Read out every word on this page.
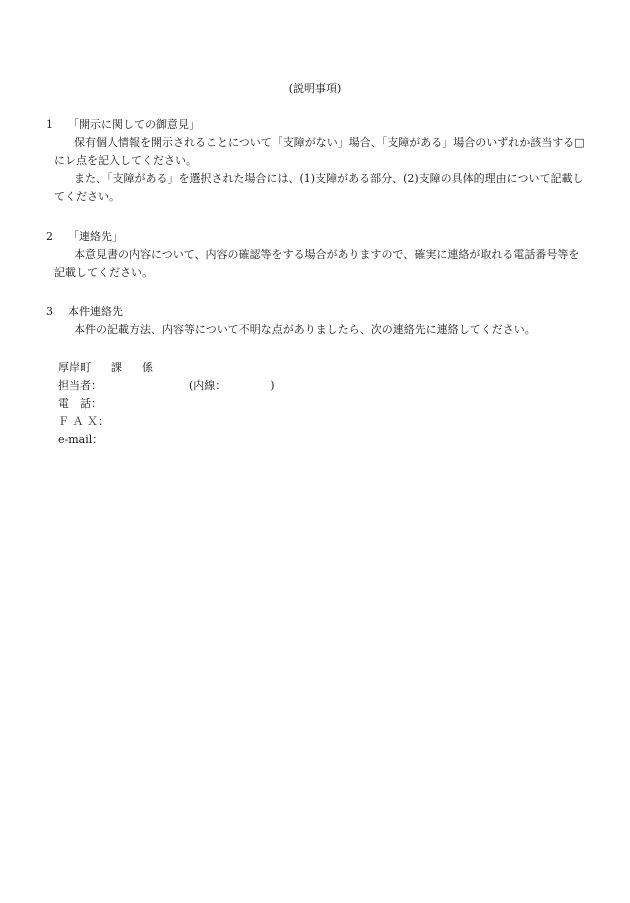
(説明事項)
1 「開示に関しての御意見」

保有個人情報を開示されることについて「支障がない」場合、「支障がある」場合のいずれか該当する□にレ点を記入してください。

また、「支障がある」を選択された場合には、(1)支障がある部分、(2)支障の具体的理由について記載してください。

2 「連絡先」

本意見書の内容について、内容の確認等をする場合がありますので、確実に連絡が取れる電話番号等を記載してください。

3 本件連絡先

本件の記載方法、内容等について不明な点がありましたら、次の連絡先に連絡してください。

厚岸町 課 係
担当者：	(内線：	)
電　話：
Ｆ Ａ Ｘ：
e-mail：
